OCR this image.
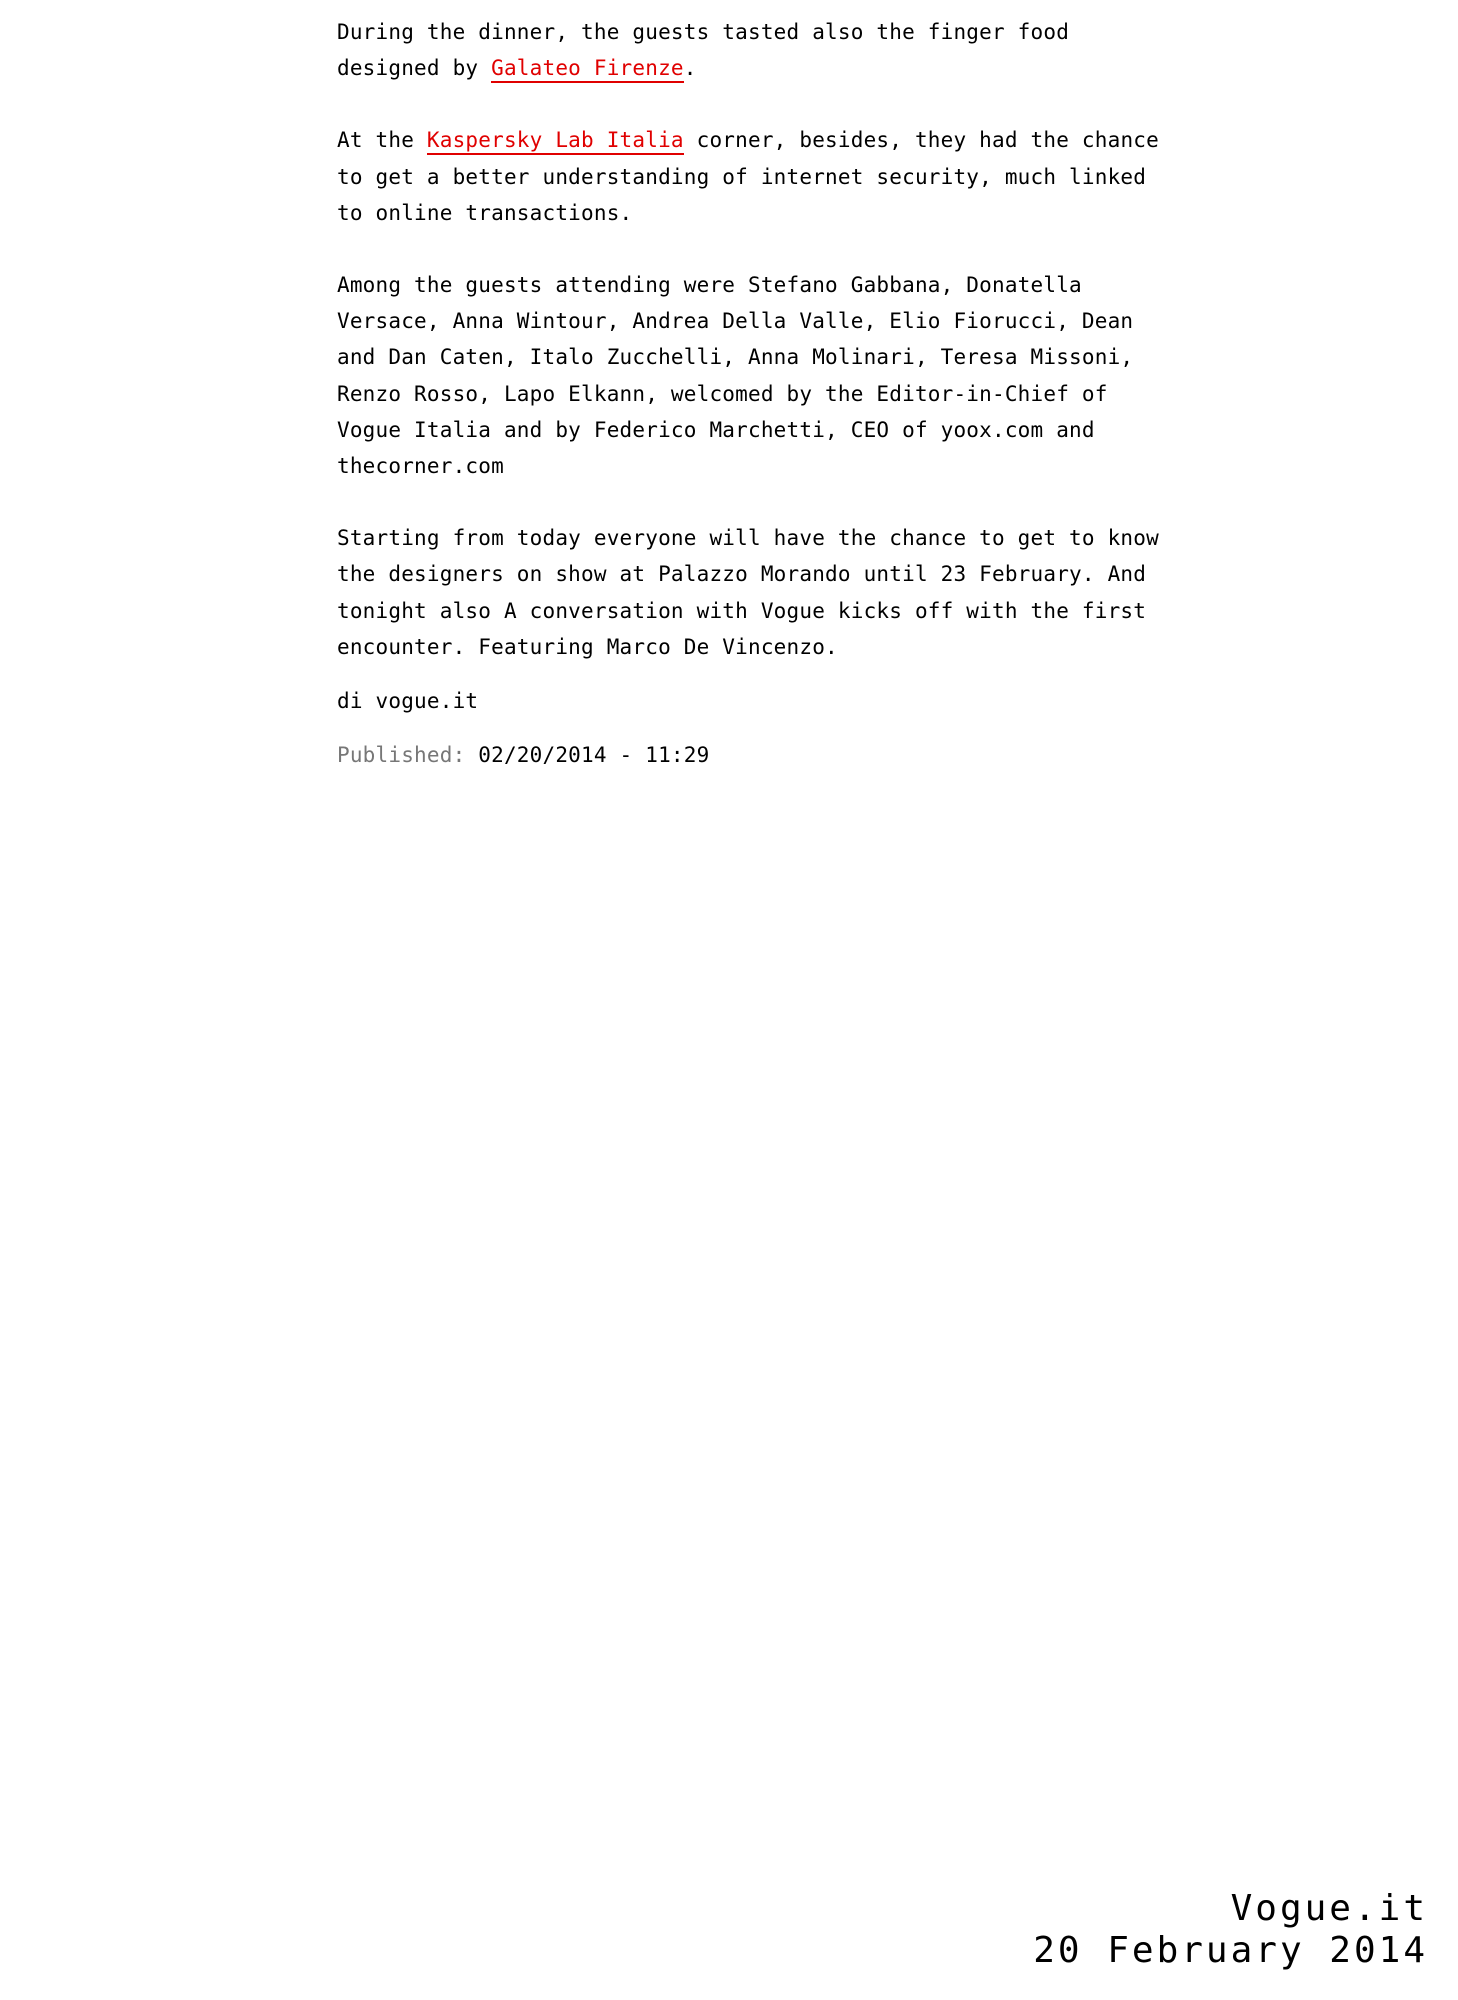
During the dinner, the guests tasted also the finger food designed by Galateo Firenze.

At the Kaspersky Lab Italia corner, besides, they had the chance to get a better understanding of internet security, much linked to online transactions.

Among the guests attending were Stefano Gabbana, Donatella Versace, Anna Wintour, Andrea Della Valle, Elio Fiorucci, Dean and Dan Caten, Italo Zucchelli, Anna Molinari, Teresa Missoni, Renzo Rosso, Lapo Elkann, welcomed by the Editor-in-Chief of Vogue Italia and by Federico Marchetti, CEO of yoox.com and thecorner.com

Starting from today everyone will have the chance to get to know the designers on show at Palazzo Morando until 23 February. And tonight also A conversation with Vogue kicks off with the first encounter. Featuring Marco De Vincenzo.

di vogue.it

Published: 02/20/2014 - 11:29

Vogue.it
20 February 2014
